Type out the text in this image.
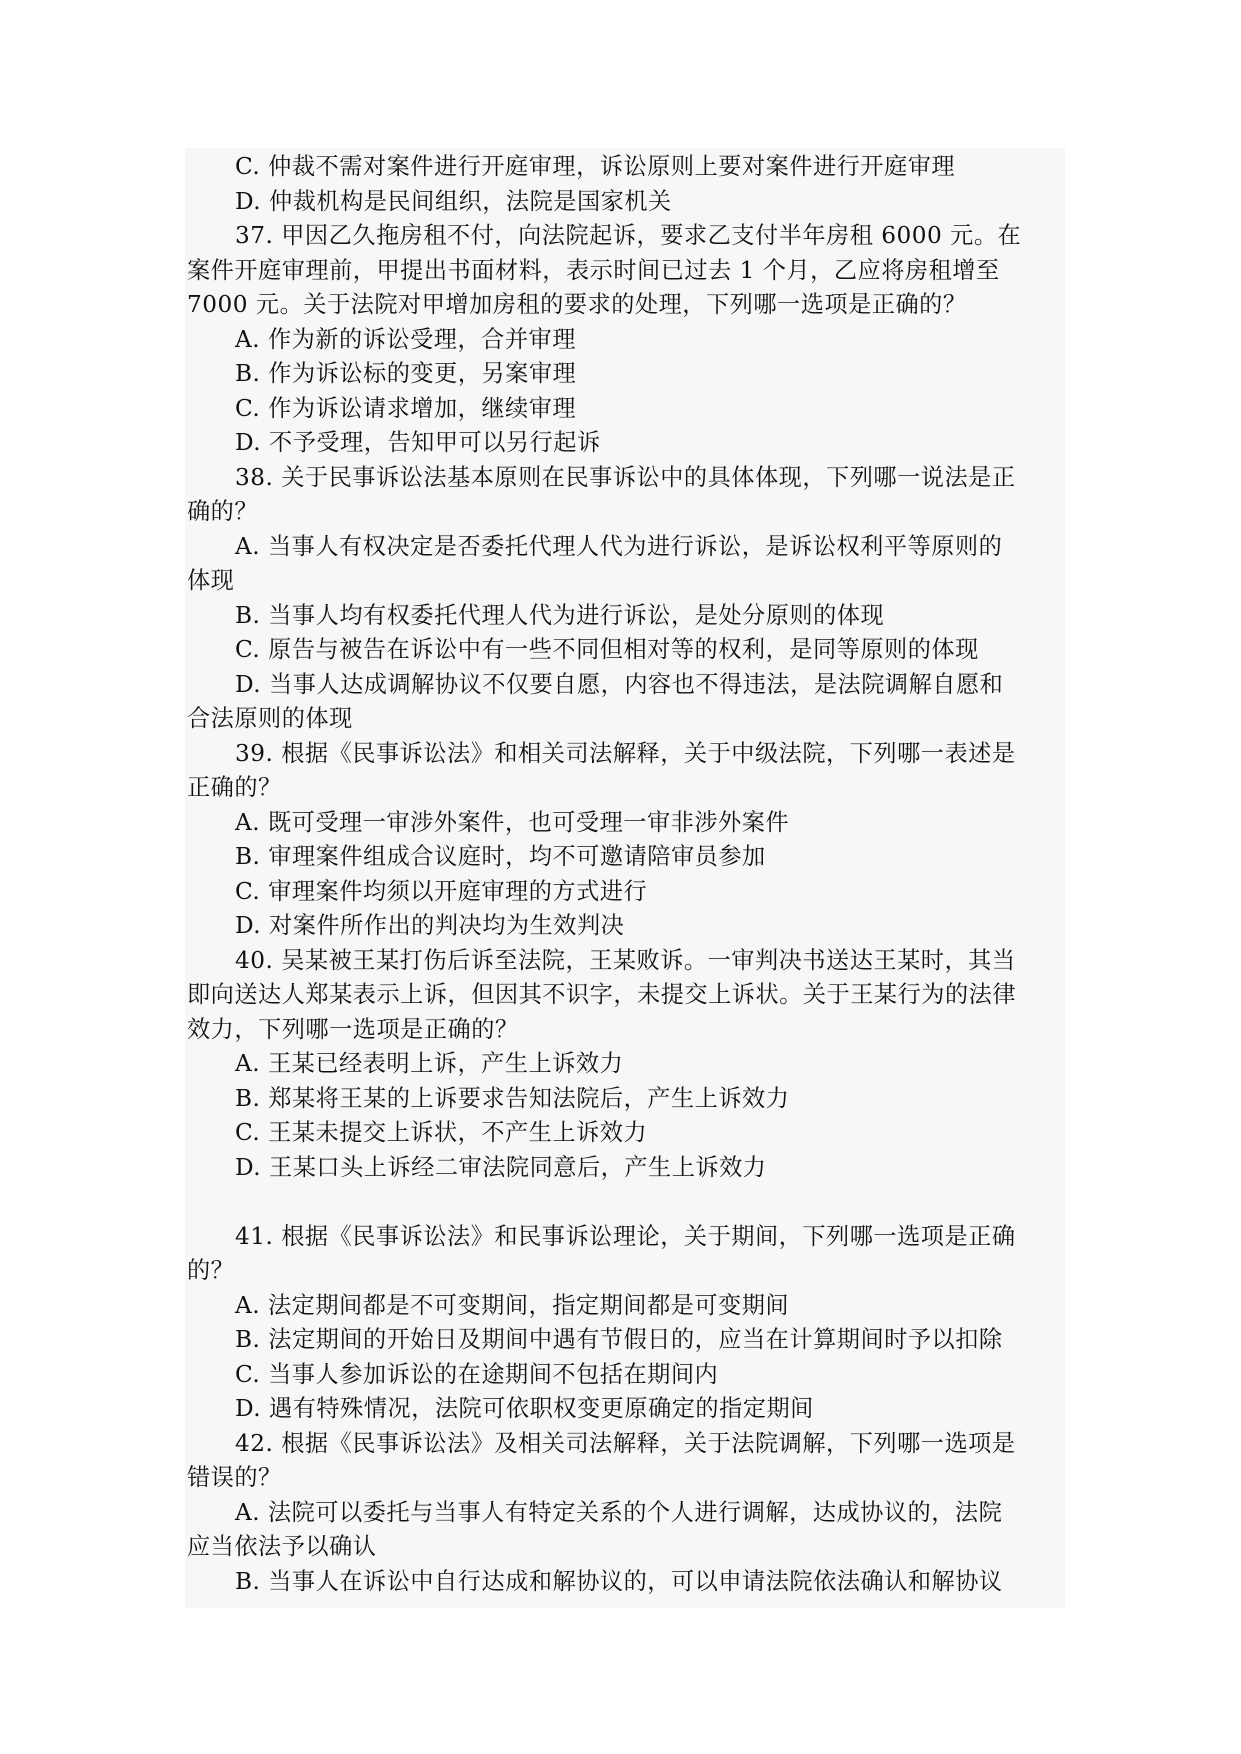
C. 仲裁不需对案件进行开庭审理，诉讼原则上要对案件进行开庭审理
D. 仲裁机构是民间组织，法院是国家机关
37. 甲因乙久拖房租不付，向法院起诉，要求乙支付半年房租 6000 元。在
案件开庭审理前，甲提出书面材料，表示时间已过去 1 个月，乙应将房租增至
7000 元。关于法院对甲增加房租的要求的处理，下列哪一选项是正确的？
A. 作为新的诉讼受理，合并审理
B. 作为诉讼标的变更，另案审理
C. 作为诉讼请求增加，继续审理
D. 不予受理，告知甲可以另行起诉
38. 关于民事诉讼法基本原则在民事诉讼中的具体体现，下列哪一说法是正
确的？
A. 当事人有权决定是否委托代理人代为进行诉讼，是诉讼权利平等原则的
体现
B. 当事人均有权委托代理人代为进行诉讼，是处分原则的体现
C. 原告与被告在诉讼中有一些不同但相对等的权利，是同等原则的体现
D. 当事人达成调解协议不仅要自愿，内容也不得违法，是法院调解自愿和
合法原则的体现
39. 根据《民事诉讼法》和相关司法解释，关于中级法院，下列哪一表述是
正确的？
A. 既可受理一审涉外案件，也可受理一审非涉外案件
B. 审理案件组成合议庭时，均不可邀请陪审员参加
C. 审理案件均须以开庭审理的方式进行
D. 对案件所作出的判决均为生效判决
40. 吴某被王某打伤后诉至法院，王某败诉。一审判决书送达王某时，其当
即向送达人郑某表示上诉，但因其不识字，未提交上诉状。关于王某行为的法律
效力，下列哪一选项是正确的？
A. 王某已经表明上诉，产生上诉效力
B. 郑某将王某的上诉要求告知法院后，产生上诉效力
C. 王某未提交上诉状，不产生上诉效力
D. 王某口头上诉经二审法院同意后，产生上诉效力
41. 根据《民事诉讼法》和民事诉讼理论，关于期间，下列哪一选项是正确
的？
A. 法定期间都是不可变期间，指定期间都是可变期间
B. 法定期间的开始日及期间中遇有节假日的，应当在计算期间时予以扣除
C. 当事人参加诉讼的在途期间不包括在期间内
D. 遇有特殊情况，法院可依职权变更原确定的指定期间
42. 根据《民事诉讼法》及相关司法解释，关于法院调解，下列哪一选项是
错误的？
A. 法院可以委托与当事人有特定关系的个人进行调解，达成协议的，法院
应当依法予以确认
B. 当事人在诉讼中自行达成和解协议的，可以申请法院依法确认和解协议
